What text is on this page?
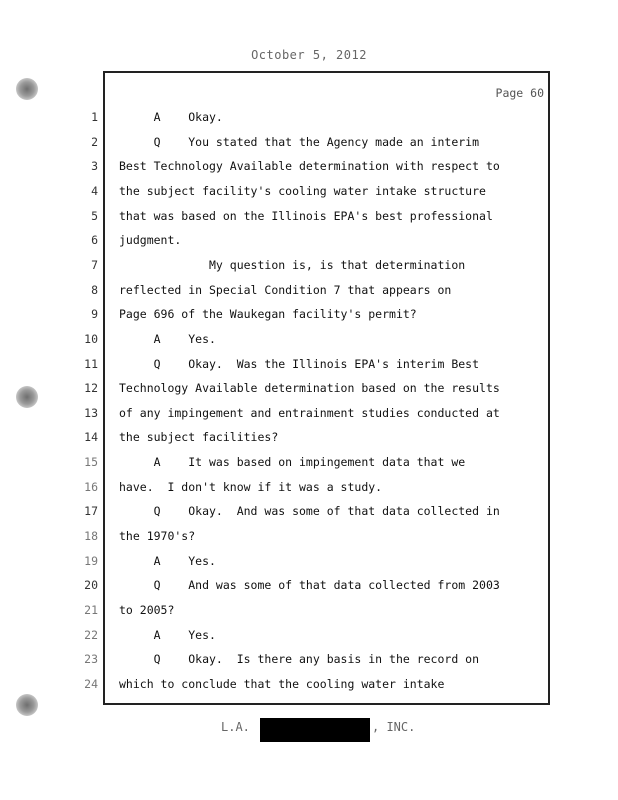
October 5, 2012
Page 60
1 A    Okay.
2 Q    You stated that the Agency made an interim
3 Best Technology Available determination with respect to
4 the subject facility's cooling water intake structure
5 that was based on the Illinois EPA's best professional
6 judgment.
7 My question is, is that determination
8 reflected in Special Condition 7 that appears on
9 Page 696 of the Waukegan facility's permit?
10 A    Yes.
11 Q    Okay.  Was the Illinois EPA's interim Best
12 Technology Available determination based on the results
13 of any impingement and entrainment studies conducted at
14 the subject facilities?
15 A    It was based on impingement data that we
16 have.  I don't know if it was a study.
17 Q    Okay.  And was some of that data collected in
18 the 1970's?
19 A    Yes.
20 Q    And was some of that data collected from 2003
21 to 2005?
22 A    Yes.
23 Q    Okay.  Is there any basis in the record on
24 which to conclude that the cooling water intake
L.A.	, INC.
